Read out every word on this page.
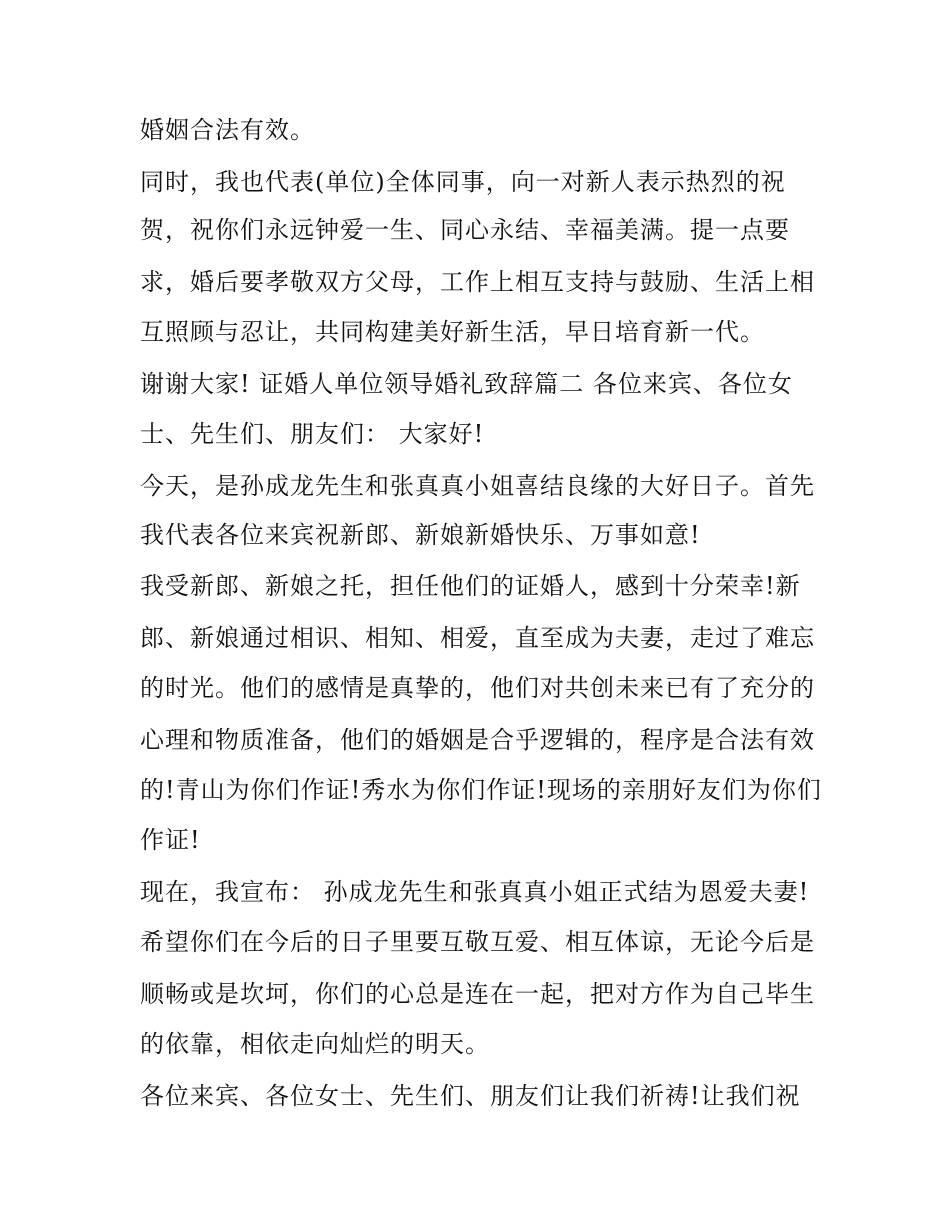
婚姻合法有效。
同时，我也代表(单位)全体同事，向一对新人表示热烈的祝
贺，祝你们永远钟爱一生、同心永结、幸福美满。提一点要
求，婚后要孝敬双方父母，工作上相互支持与鼓励、生活上相
互照顾与忍让，共同构建美好新生活，早日培育新一代。
谢谢大家! 证婚人单位领导婚礼致辞篇二 各位来宾、各位女
士、先生们、朋友们： 大家好!
今天，是孙成龙先生和张真真小姐喜结良缘的大好日子。首先
我代表各位来宾祝新郎、新娘新婚快乐、万事如意!
我受新郎、新娘之托，担任他们的证婚人，感到十分荣幸!新
郎、新娘通过相识、相知、相爱，直至成为夫妻，走过了难忘
的时光。他们的感情是真挚的，他们对共创未来已有了充分的
心理和物质准备，他们的婚姻是合乎逻辑的，程序是合法有效
的!青山为你们作证!秀水为你们作证!现场的亲朋好友们为你们
作证!
现在，我宣布： 孙成龙先生和张真真小姐正式结为恩爱夫妻!
希望你们在今后的日子里要互敬互爱、相互体谅，无论今后是
顺畅或是坎坷，你们的心总是连在一起，把对方作为自己毕生
的依靠，相依走向灿烂的明天。
各位来宾、各位女士、先生们、朋友们让我们祈祷!让我们祝
